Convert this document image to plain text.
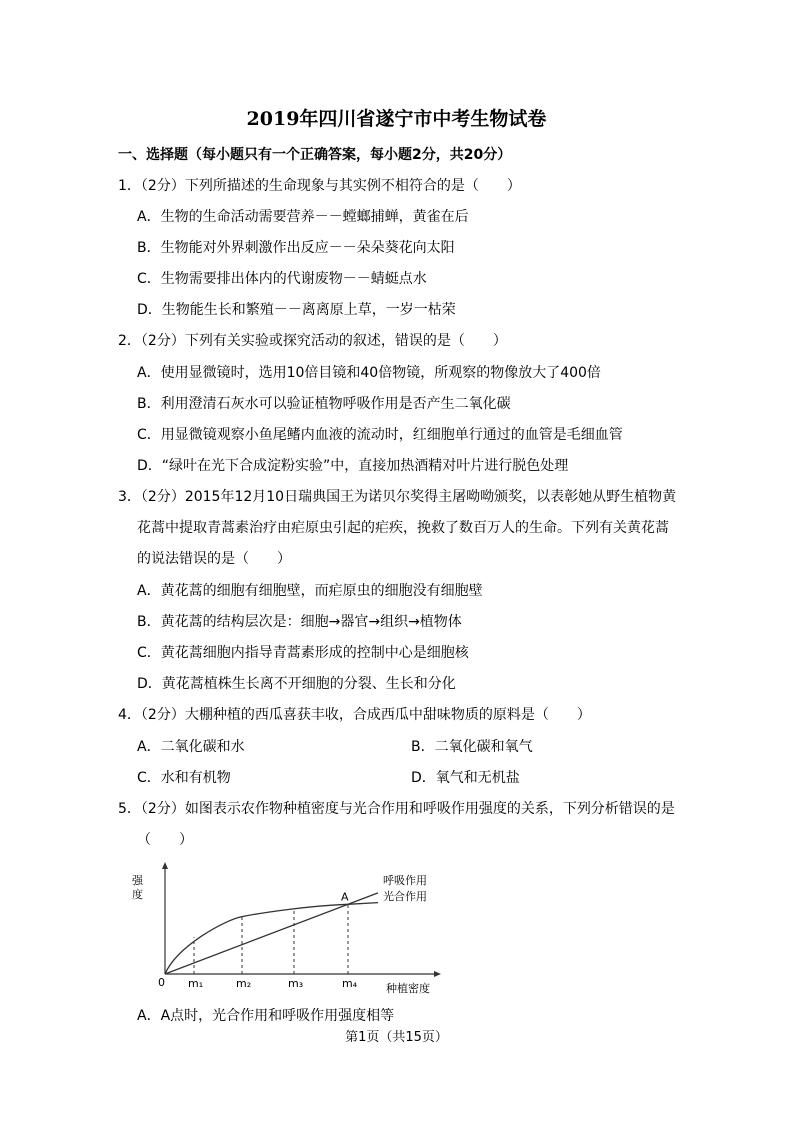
2019年四川省遂宁市中考生物试卷
一、选择题（每小题只有一个正确答案，每小题2分，共20分）
1．（2分）下列所描述的生命现象与其实例不相符合的是（　　）
A．生物的生命活动需要营养－－螳螂捕蝉，黄雀在后
B．生物能对外界刺激作出反应－－朵朵葵花向太阳
C．生物需要排出体内的代谢废物－－蜻蜓点水
D．生物能生长和繁殖－－离离原上草，一岁一枯荣
2．（2分）下列有关实验或探究活动的叙述，错误的是（　　）
A．使用显微镜时，选用10倍目镜和40倍物镜，所观察的物像放大了400倍
B．利用澄清石灰水可以验证植物呼吸作用是否产生二氧化碳
C．用显微镜观察小鱼尾鳍内血液的流动时，红细胞单行通过的血管是毛细血管
D．“绿叶在光下合成淀粉实验”中，直接加热酒精对叶片进行脱色处理
3．（2分）2015年12月10日瑞典国王为诺贝尔奖得主屠呦呦颁奖，以表彰她从野生植物黄
花蒿中提取青蒿素治疗由疟原虫引起的疟疾，挽救了数百万人的生命。下列有关黄花蒿
的说法错误的是（　　）
A．黄花蒿的细胞有细胞壁，而疟原虫的细胞没有细胞壁
B．黄花蒿的结构层次是：细胞→器官→组织→植物体
C．黄花蒿细胞内指导青蒿素形成的控制中心是细胞核
D．黄花蒿植株生长离不开细胞的分裂、生长和分化
4．（2分）大棚种植的西瓜喜获丰收，合成西瓜中甜味物质的原料是（　　）
A．二氧化碳和水	B．二氧化碳和氧气
C．水和有机物	D．氧气和无机盐
5．（2分）如图表示农作物种植密度与光合作用和呼吸作用强度的关系，下列分析错误的是
（　　）
强
度
0 m₁	m₂	m₃	m₄
A
呼吸作用
光合作用
种植密度
A．A点时，光合作用和呼吸作用强度相等
第1页（共15页）
